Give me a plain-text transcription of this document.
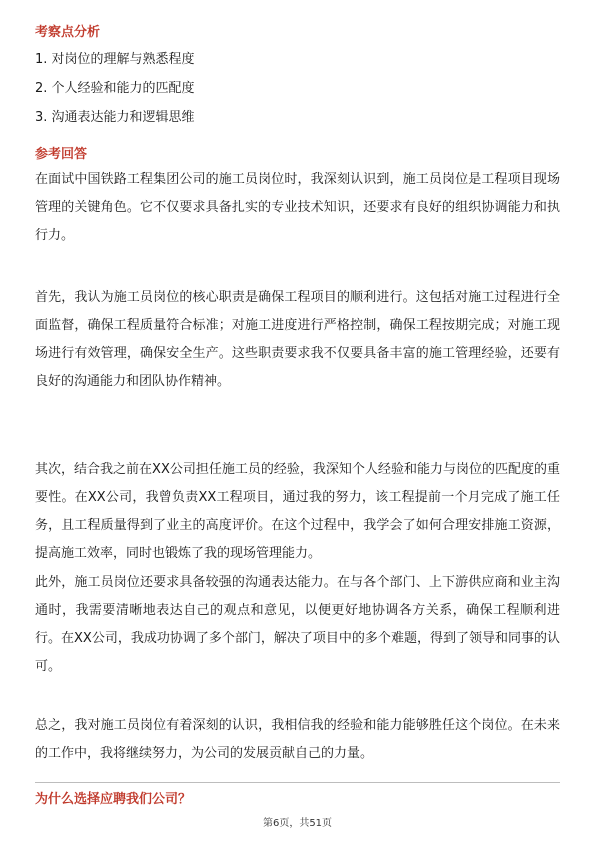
考察点分析
1. 对岗位的理解与熟悉程度
2. 个人经验和能力的匹配度
3. 沟通表达能力和逻辑思维
参考回答
在面试中国铁路工程集团公司的施工员岗位时，我深刻认识到，施工员岗位是工程项目现场管理的关键角色。它不仅要求具备扎实的专业技术知识，还要求有良好的组织协调能力和执行力。
首先，我认为施工员岗位的核心职责是确保工程项目的顺利进行。这包括对施工过程进行全面监督，确保工程质量符合标准；对施工进度进行严格控制，确保工程按期完成；对施工现场进行有效管理，确保安全生产。这些职责要求我不仅要具备丰富的施工管理经验，还要有良好的沟通能力和团队协作精神。
其次，结合我之前在XX公司担任施工员的经验，我深知个人经验和能力与岗位的匹配度的重要性。在XX公司，我曾负责XX工程项目，通过我的努力，该工程提前一个月完成了施工任务，且工程质量得到了业主的高度评价。在这个过程中，我学会了如何合理安排施工资源，提高施工效率，同时也锻炼了我的现场管理能力。
此外，施工员岗位还要求具备较强的沟通表达能力。在与各个部门、上下游供应商和业主沟通时，我需要清晰地表达自己的观点和意见，以便更好地协调各方关系，确保工程顺利进行。在XX公司，我成功协调了多个部门，解决了项目中的多个难题，得到了领导和同事的认可。
总之，我对施工员岗位有着深刻的认识，我相信我的经验和能力能够胜任这个岗位。在未来的工作中，我将继续努力，为公司的发展贡献自己的力量。
为什么选择应聘我们公司？
第6页，共51页
